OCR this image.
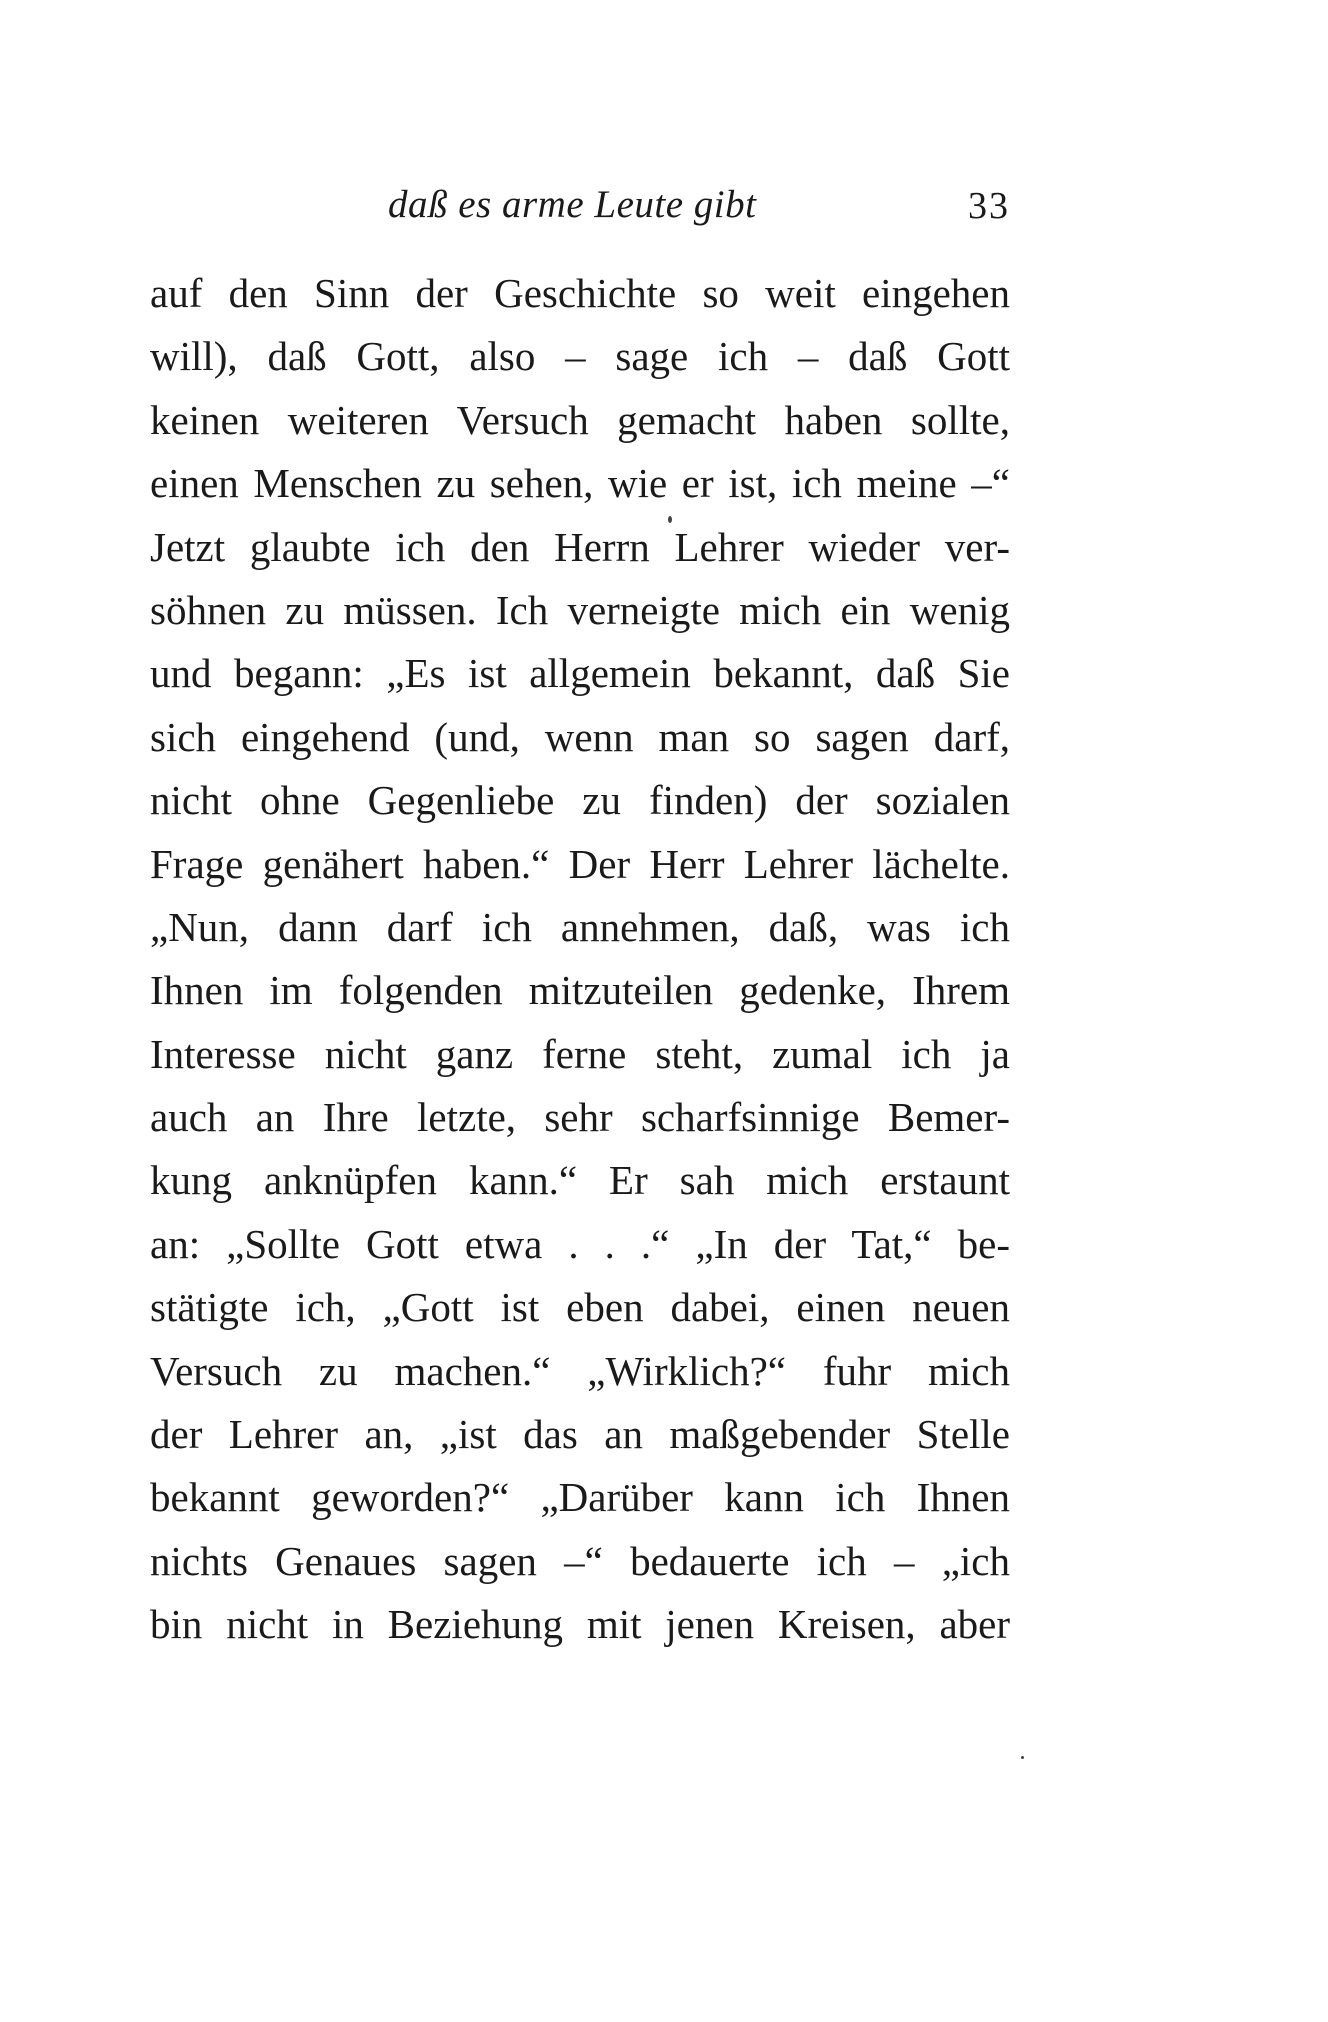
daß es arme Leute gibt	33
auf den Sinn der Geschichte so weit eingehen
will), daß Gott, also – sage ich – daß Gott
keinen weiteren Versuch gemacht haben sollte,
einen Menschen zu sehen, wie er ist, ich meine –“
Jetzt glaubte ich den Herrn Lehrer wieder ver-
söhnen zu müssen. Ich verneigte mich ein wenig
und begann: „Es ist allgemein bekannt, daß Sie
sich eingehend (und, wenn man so sagen darf,
nicht ohne Gegenliebe zu finden) der sozialen
Frage genähert haben.“ Der Herr Lehrer lächelte.
„Nun, dann darf ich annehmen, daß, was ich
Ihnen im folgenden mitzuteilen gedenke, Ihrem
Interesse nicht ganz ferne steht, zumal ich ja
auch an Ihre letzte, sehr scharfsinnige Bemer-
kung anknüpfen kann.“ Er sah mich erstaunt
an: „Sollte Gott etwa . . .“ „In der Tat,“ be-
stätigte ich, „Gott ist eben dabei, einen neuen
Versuch zu machen.“ „Wirklich?“ fuhr mich
der Lehrer an, „ist das an maßgebender Stelle
bekannt geworden?“ „Darüber kann ich Ihnen
nichts Genaues sagen –“ bedauerte ich – „ich
bin nicht in Beziehung mit jenen Kreisen, aber
